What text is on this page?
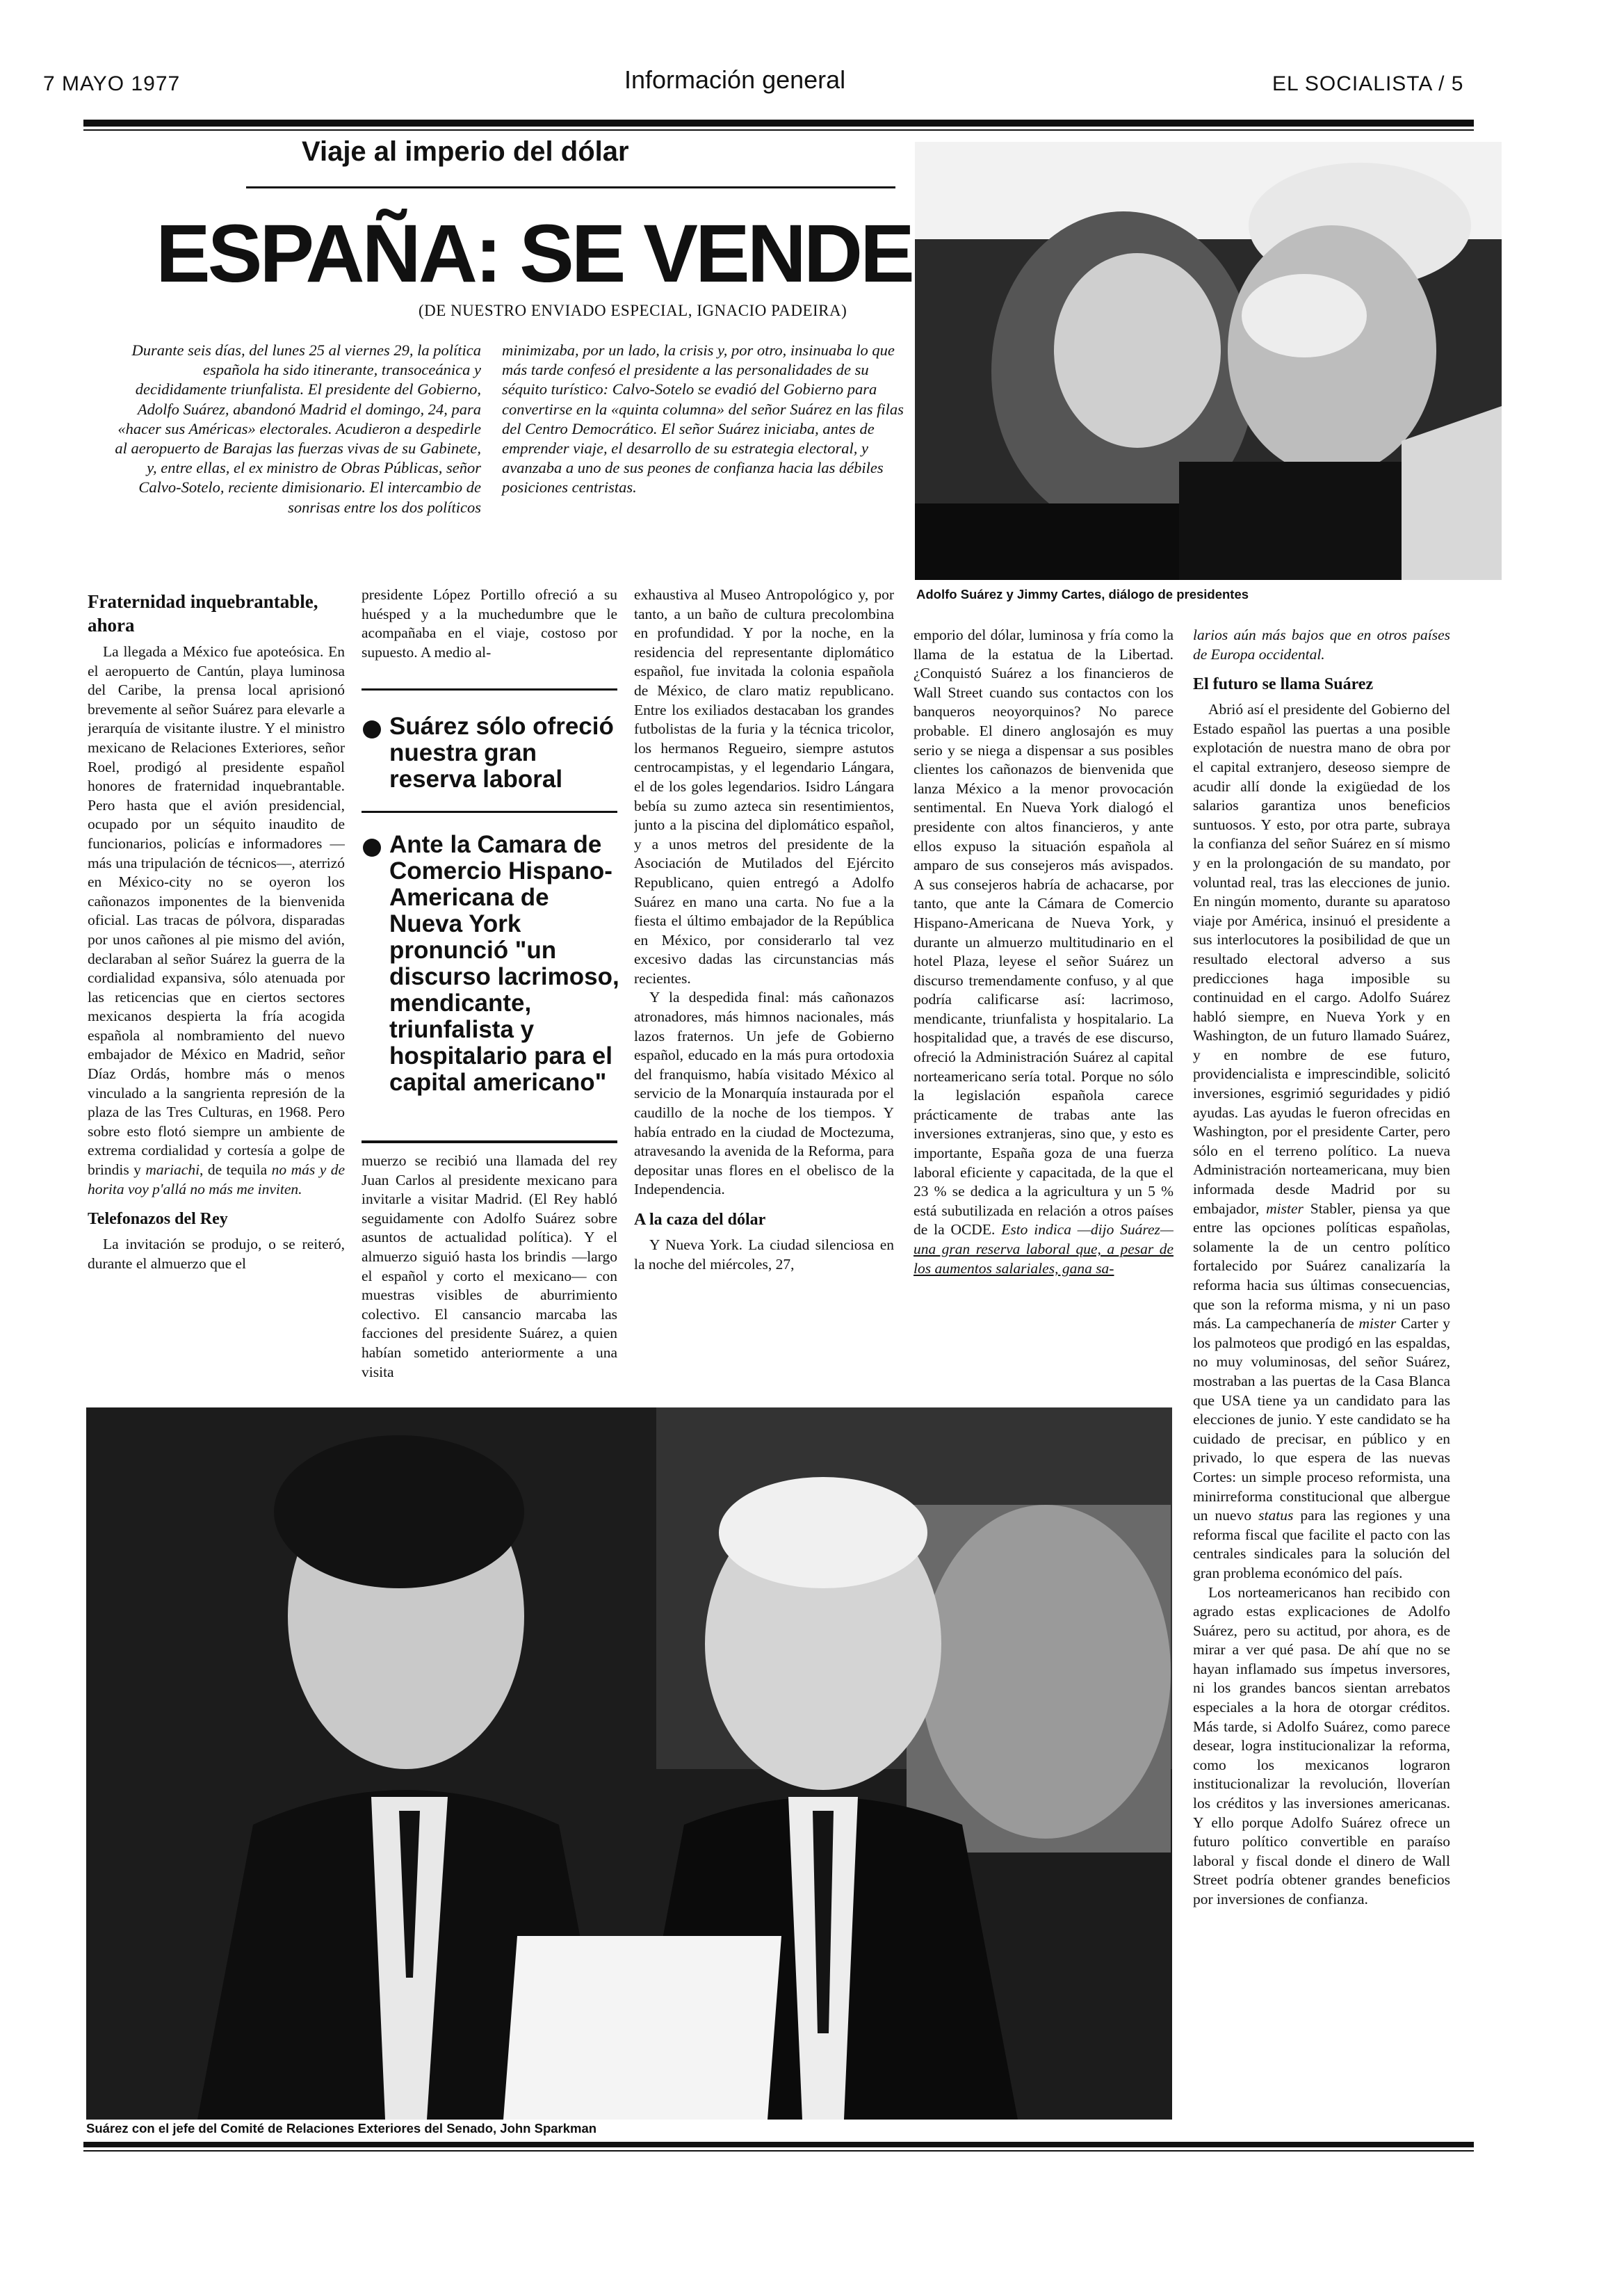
7 MAYO 1977	Información general	EL SOCIALISTA / 5
Viaje al imperio del dólar
ESPAÑA: SE VENDE
(DE NUESTRO ENVIADO ESPECIAL, IGNACIO PADEIRA)
Durante seis días, del lunes 25 al viernes 29, la política española ha sido itinerante, transoceánica y decididamente triunfalista. El presidente del Gobierno, Adolfo Suárez, abandonó Madrid el domingo, 24, para «hacer sus Américas» electorales. Acudieron a despedirle al aeropuerto de Barajas las fuerzas vivas de su Gabinete, y, entre ellas, el ex ministro de Obras Públicas, señor Calvo-Sotelo, reciente dimisionario. El intercambio de sonrisas entre los dos políticos
minimizaba, por un lado, la crisis y, por otro, insinuaba lo que más tarde confesó el presidente a las personalidades de su séquito turístico: Calvo-Sotelo se evadió del Gobierno para convertirse en la «quinta columna» del señor Suárez en las filas del Centro Democrático. El señor Suárez iniciaba, antes de emprender viaje, el desarrollo de su estrategia electoral, y avanzaba a uno de sus peones de confianza hacia las débiles posiciones centristas.
Adolfo Suárez y Jimmy Cartes, diálogo de presidentes
Fraternidad inquebrantable, ahora

La llegada a México fue apoteósica. En el aeropuerto de Cantún, playa luminosa del Caribe, la prensa local aprisionó brevemente al señor Suárez para elevarle a jerarquía de visitante ilustre. Y el ministro mexicano de Relaciones Exteriores, señor Roel, prodigó al presidente español honores de fraternidad inquebrantable. Pero hasta que el avión presidencial, ocupado por un séquito inaudito de funcionarios, policías e informadores —más una tripulación de técnicos—, aterrizó en México-city no se oyeron los cañonazos imponentes de la bienvenida oficial. Las tracas de pólvora, disparadas por unos cañones al pie mismo del avión, declaraban al señor Suárez la guerra de la cordialidad expansiva, sólo atenuada por las reticencias que en ciertos sectores mexicanos despierta la fría acogida española al nombramiento del nuevo embajador de México en Madrid, señor Díaz Ordás, hombre más o menos vinculado a la sangrienta represión de la plaza de las Tres Culturas, en 1968. Pero sobre esto flotó siempre un ambiente de extrema cordialidad y cortesía a golpe de brindis y mariachi, de tequila no más y de horita voy p'allá no más me inviten.

Telefonazos del Rey

La invitación se produjo, o se reiteró, durante el almuerzo que el

presidente López Portillo ofreció a su huésped y a la muchedumbre que le acompañaba en el viaje, costoso por supuesto. A medio al-

Suárez sólo ofreció nuestra gran reserva laboral
Ante la Camara de Comercio Hispano-Americana de Nueva York pronunció "un discurso lacrimoso, mendicante, triunfalista y hospitalario para el capital americano"

muerzo se recibió una llamada del rey Juan Carlos al presidente mexicano para invitarle a visitar Madrid. (El Rey habló seguidamente con Adolfo Suárez sobre asuntos de actualidad política). Y el almuerzo siguió hasta los brindis —largo el español y corto el mexicano— con muestras visibles de aburrimiento colectivo. El cansancio marcaba las facciones del presidente Suárez, a quien habían sometido anteriormente a una visita

exhaustiva al Museo Antropológico y, por tanto, a un baño de cultura precolombina en profundidad. Y por la noche, en la residencia del representante diplomático español, fue invitada la colonia española de México, de claro matiz republicano. Entre los exiliados destacaban los grandes futbolistas de la furia y la técnica tricolor, los hermanos Regueiro, siempre astutos centrocampistas, y el legendario Lángara, el de los goles legendarios. Isidro Lángara bebía su zumo azteca sin resentimientos, junto a la piscina del diplomático español, y a unos metros del presidente de la Asociación de Mutilados del Ejército Republicano, quien entregó a Adolfo Suárez en mano una carta. No fue a la fiesta el último embajador de la República en México, por considerarlo tal vez excesivo dadas las circunstancias más recientes.

Y la despedida final: más cañonazos atronadores, más himnos nacionales, más lazos fraternos. Un jefe de Gobierno español, educado en la más pura ortodoxia del franquismo, había visitado México al servicio de la Monarquía instaurada por el caudillo de la noche de los tiempos. Y había entrado en la ciudad de Moctezuma, atravesando la avenida de la Reforma, para depositar unas flores en el obelisco de la Independencia.

A la caza del dólar

Y Nueva York. La ciudad silenciosa en la noche del miércoles, 27,

emporio del dólar, luminosa y fría como la llama de la estatua de la Libertad. ¿Conquistó Suárez a los financieros de Wall Street cuando sus contactos con los banqueros neoyorquinos? No parece probable. El dinero anglosajón es muy serio y se niega a dispensar a sus posibles clientes los cañonazos de bienvenida que lanza México a la menor provocación sentimental. En Nueva York dialogó el presidente con altos financieros, y ante ellos expuso la situación española al amparo de sus consejeros más avispados. A sus consejeros habría de achacarse, por tanto, que ante la Cámara de Comercio Hispano-Americana de Nueva York, y durante un almuerzo multitudinario en el hotel Plaza, leyese el señor Suárez un discurso tremendamente confuso, y al que podría calificarse así: lacrimoso, mendicante, triunfalista y hospitalario. La hospitalidad que, a través de ese discurso, ofreció la Administración Suárez al capital norteamericano sería total. Porque no sólo la legislación española carece prácticamente de trabas ante las inversiones extranjeras, sino que, y esto es importante, España goza de una fuerza laboral eficiente y capacitada, de la que el 23 % se dedica a la agricultura y un 5 % está subutilizada en relación a otros países de la OCDE. Esto indica —dijo Suárez— una gran reserva laboral que, a pesar de los aumentos salariales, gana sa-

larios aún más bajos que en otros países de Europa occidental.

El futuro se llama Suárez

Abrió así el presidente del Gobierno del Estado español las puertas a una posible explotación de nuestra mano de obra por el capital extranjero, deseoso siempre de acudir allí donde la exigüedad de los salarios garantiza unos beneficios suntuosos. Y esto, por otra parte, subraya la confianza del señor Suárez en sí mismo y en la prolongación de su mandato, por voluntad real, tras las elecciones de junio. En ningún momento, durante su aparatoso viaje por América, insinuó el presidente a sus interlocutores la posibilidad de que un resultado electoral adverso a sus predicciones haga imposible su continuidad en el cargo. Adolfo Suárez habló siempre, en Nueva York y en Washington, de un futuro llamado Suárez, y en nombre de ese futuro, providencialista e imprescindible, solicitó inversiones, esgrimió seguridades y pidió ayudas. Las ayudas le fueron ofrecidas en Washington, por el presidente Carter, pero sólo en el terreno político. La nueva Administración norteamericana, muy bien informada desde Madrid por su embajador, mister Stabler, piensa ya que entre las opciones políticas españolas, solamente la de un centro político fortalecido por Suárez canalizaría la reforma hacia sus últimas consecuencias, que son la reforma misma, y ni un paso más. La campechanería de mister Carter y los palmoteos que prodigó en las espaldas, no muy voluminosas, del señor Suárez, mostraban a las puertas de la Casa Blanca que USA tiene ya un candidato para las elecciones de junio. Y este candidato se ha cuidado de precisar, en público y en privado, lo que espera de las nuevas Cortes: un simple proceso reformista, una minirreforma constitucional que albergue un nuevo status para las regiones y una reforma fiscal que facilite el pacto con las centrales sindicales para la solución del gran problema económico del país.

Los norteamericanos han recibido con agrado estas explicaciones de Adolfo Suárez, pero su actitud, por ahora, es de mirar a ver qué pasa. De ahí que no se hayan inflamado sus ímpetus inversores, ni los grandes bancos sientan arrebatos especiales a la hora de otorgar créditos. Más tarde, si Adolfo Suárez, como parece desear, logra institucionalizar la reforma, como los mexicanos lograron institucionalizar la revolución, lloverían los créditos y las inversiones americanas. Y ello porque Adolfo Suárez ofrece un futuro político convertible en paraíso laboral y fiscal donde el dinero de Wall Street podría obtener grandes beneficios por inversiones de confianza.

Suárez con el jefe del Comité de Relaciones Exteriores del Senado, John Sparkman
